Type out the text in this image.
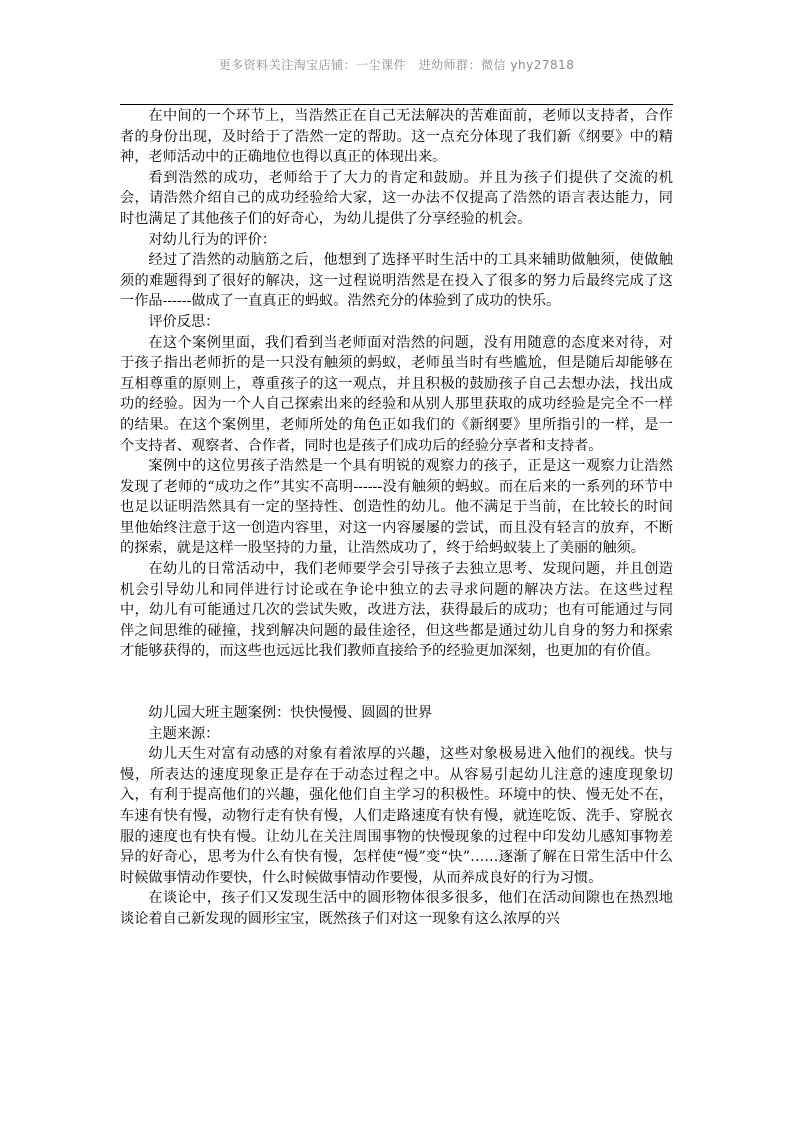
更多资料关注淘宝店铺：一尘课件　进幼师群：微信 yhy27818

在中间的一个环节上，当浩然正在自己无法解决的苦难面前，老师以支持者，合作者的身份出现，及时给于了浩然一定的帮助。这一点充分体现了我们新《纲要》中的精神，老师活动中的正确地位也得以真正的体现出来。

看到浩然的成功，老师给于了大力的肯定和鼓励。并且为孩子们提供了交流的机会，请浩然介绍自己的成功经验给大家，这一办法不仅提高了浩然的语言表达能力，同时也满足了其他孩子们的好奇心，为幼儿提供了分享经验的机会。

对幼儿行为的评价：

经过了浩然的动脑筋之后，他想到了选择平时生活中的工具来辅助做触须，使做触须的难题得到了很好的解决，这一过程说明浩然是在投入了很多的努力后最终完成了这一作品------做成了一直真正的蚂蚁。浩然充分的体验到了成功的快乐。

评价反思：

在这个案例里面，我们看到当老师面对浩然的问题，没有用随意的态度来对待，对于孩子指出老师折的是一只没有触须的蚂蚁，老师虽当时有些尴尬，但是随后却能够在互相尊重的原则上，尊重孩子的这一观点，并且积极的鼓励孩子自己去想办法，找出成功的经验。因为一个人自己探索出来的经验和从别人那里获取的成功经验是完全不一样的结果。在这个案例里，老师所处的角色正如我们的《新纲要》里所指引的一样，是一个支持者、观察者、合作者，同时也是孩子们成功后的经验分享者和支持者。

案例中的这位男孩子浩然是一个具有明锐的观察力的孩子，正是这一观察力让浩然发现了老师的“成功之作”其实不高明------没有触须的蚂蚁。而在后来的一系列的环节中也足以证明浩然具有一定的坚持性、创造性的幼儿。他不满足于当前，在比较长的时间里他始终注意于这一创造内容里，对这一内容屡屡的尝试，而且没有轻言的放弃，不断的探索，就是这样一股坚持的力量，让浩然成功了，终于给蚂蚁装上了美丽的触须。

在幼儿的日常活动中，我们老师要学会引导孩子去独立思考、发现问题，并且创造机会引导幼儿和同伴进行讨论或在争论中独立的去寻求问题的解决方法。在这些过程中，幼儿有可能通过几次的尝试失败，改进方法，获得最后的成功；也有可能通过与同伴之间思维的碰撞，找到解决问题的最佳途径，但这些都是通过幼儿自身的努力和探索才能够获得的，而这些也远远比我们教师直接给予的经验更加深刻，也更加的有价值。

幼儿园大班主题案例：快快慢慢、圆圆的世界

主题来源：

幼儿天生对富有动感的对象有着浓厚的兴趣，这些对象极易进入他们的视线。快与慢，所表达的速度现象正是存在于动态过程之中。从容易引起幼儿注意的速度现象切入，有利于提高他们的兴趣，强化他们自主学习的积极性。环境中的快、慢无处不在，车速有快有慢，动物行走有快有慢，人们走路速度有快有慢，就连吃饭、洗手、穿脱衣服的速度也有快有慢。让幼儿在关注周围事物的快慢现象的过程中印发幼儿感知事物差异的好奇心，思考为什么有快有慢，怎样使“慢”变“快”……逐渐了解在日常生活中什么时候做事情动作要快，什么时候做事情动作要慢，从而养成良好的行为习惯。

在谈论中，孩子们又发现生活中的圆形物体很多很多，他们在活动间隙也在热烈地谈论着自己新发现的圆形宝宝，既然孩子们对这一现象有这么浓厚的兴
